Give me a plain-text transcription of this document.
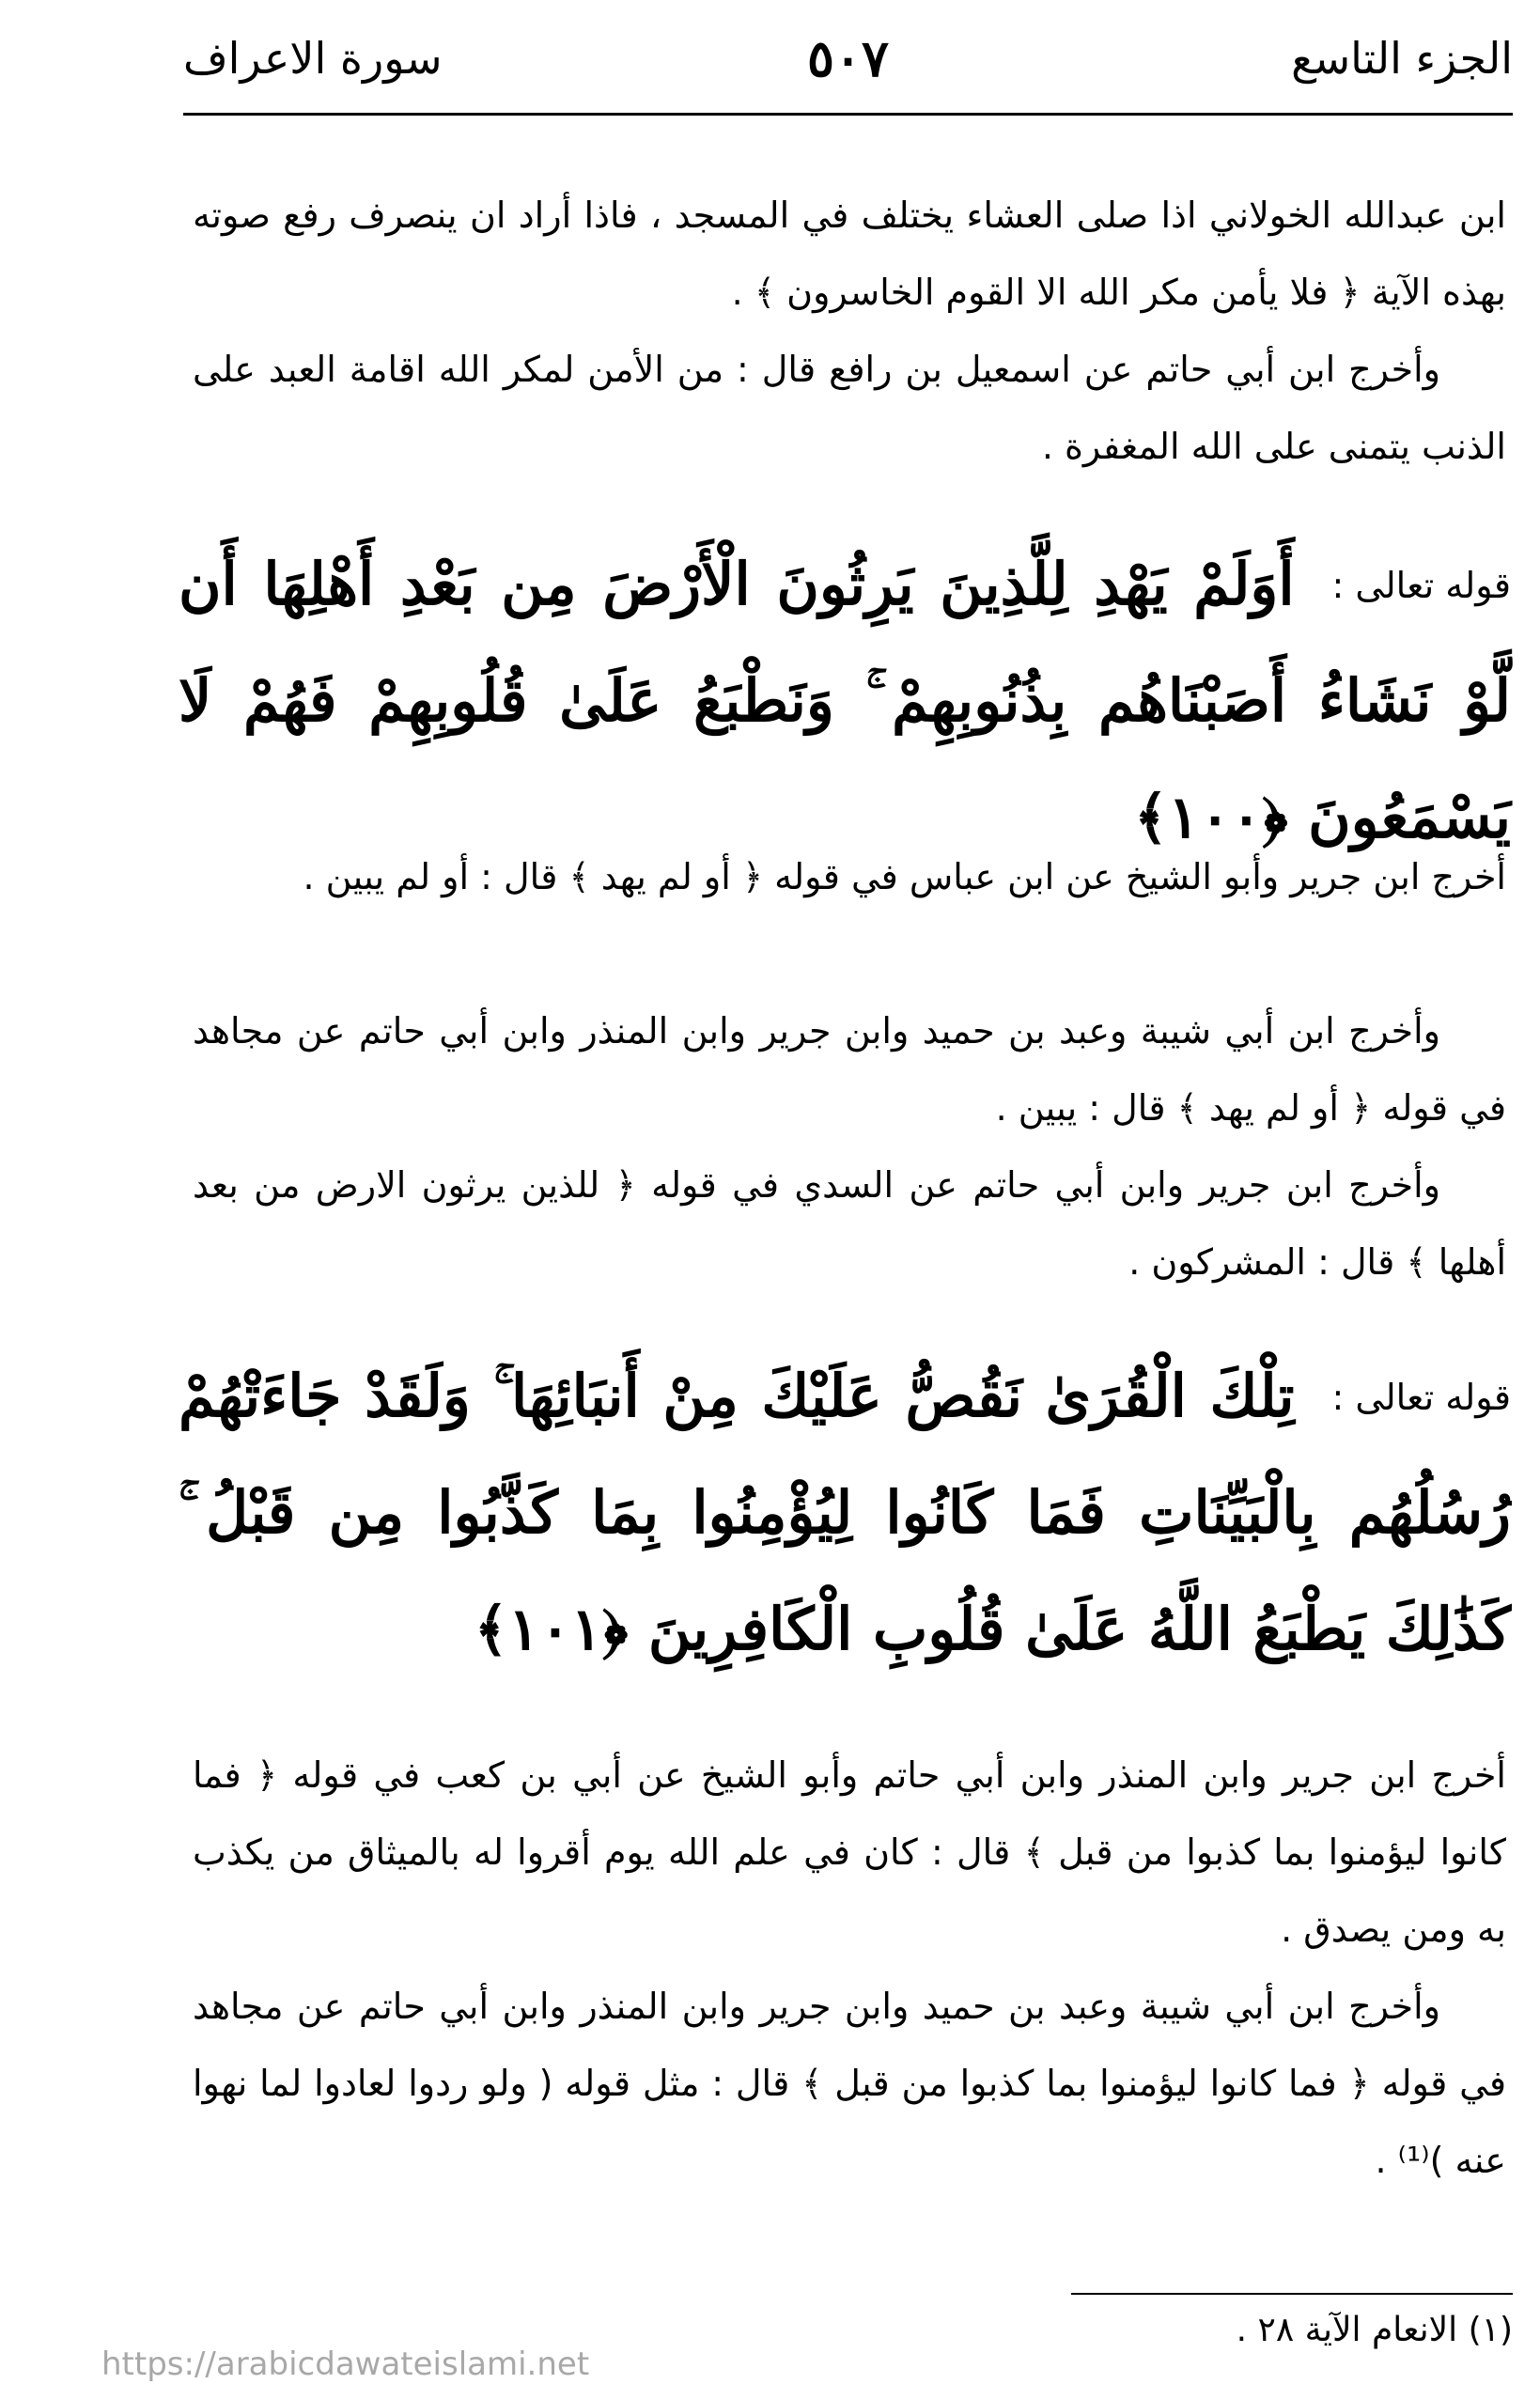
الجزء التاسع
٥٠٧
سورة الاعراف
ابن عبدالله الخولاني اذا صلى العشاء يختلف في المسجد ، فاذا أراد ان ينصرف رفع صوته بهذه الآية ﴿ فلا يأمن مكر الله الا القوم الخاسرون ﴾ .
وأخرج ابن أبي حاتم عن اسمعيل بن رافع قال : من الأمن لمكر الله اقامة العبد على الذنب يتمنى على الله المغفرة .
قوله تعالى :
أَوَلَمْ يَهْدِ لِلَّذِينَ يَرِثُونَ الْأَرْضَ مِن بَعْدِ أَهْلِهَا أَن لَّوْ نَشَاءُ أَصَبْنَاهُم بِذُنُوبِهِمْ ۚ وَنَطْبَعُ عَلَىٰ قُلُوبِهِمْ فَهُمْ لَا يَسْمَعُونَ ﴿١٠٠﴾
أخرج ابن جرير وأبو الشيخ عن ابن عباس في قوله ﴿ أو لم يهد ﴾ قال : أو لم يبين .
وأخرج ابن أبي شيبة وعبد بن حميد وابن جرير وابن المنذر وابن أبي حاتم عن مجاهد في قوله ﴿ أو لم يهد ﴾ قال : يبين .
وأخرج ابن جرير وابن أبي حاتم عن السدي في قوله ﴿ للذين يرثون الارض من بعد أهلها ﴾ قال : المشركون .
قوله تعالى :
تِلْكَ الْقُرَىٰ نَقُصُّ عَلَيْكَ مِنْ أَنبَائِهَا ۚ وَلَقَدْ جَاءَتْهُمْ رُسُلُهُم بِالْبَيِّنَاتِ فَمَا كَانُوا لِيُؤْمِنُوا بِمَا كَذَّبُوا مِن قَبْلُ ۚ كَذَٰلِكَ يَطْبَعُ اللَّهُ عَلَىٰ قُلُوبِ الْكَافِرِينَ ﴿١٠١﴾
أخرج ابن جرير وابن المنذر وابن أبي حاتم وأبو الشيخ عن أبي بن كعب في قوله ﴿ فما كانوا ليؤمنوا بما كذبوا من قبل ﴾ قال : كان في علم الله يوم أقروا له بالميثاق من يكذب به ومن يصدق .
وأخرج ابن أبي شيبة وعبد بن حميد وابن جرير وابن المنذر وابن أبي حاتم عن مجاهد في قوله ﴿ فما كانوا ليؤمنوا بما كذبوا من قبل ﴾ قال : مثل قوله ( ولو ردوا لعادوا لما نهوا عنه )⁽¹⁾ .
(١) الانعام الآية ٢٨ .
https://arabicdawateislami.net
